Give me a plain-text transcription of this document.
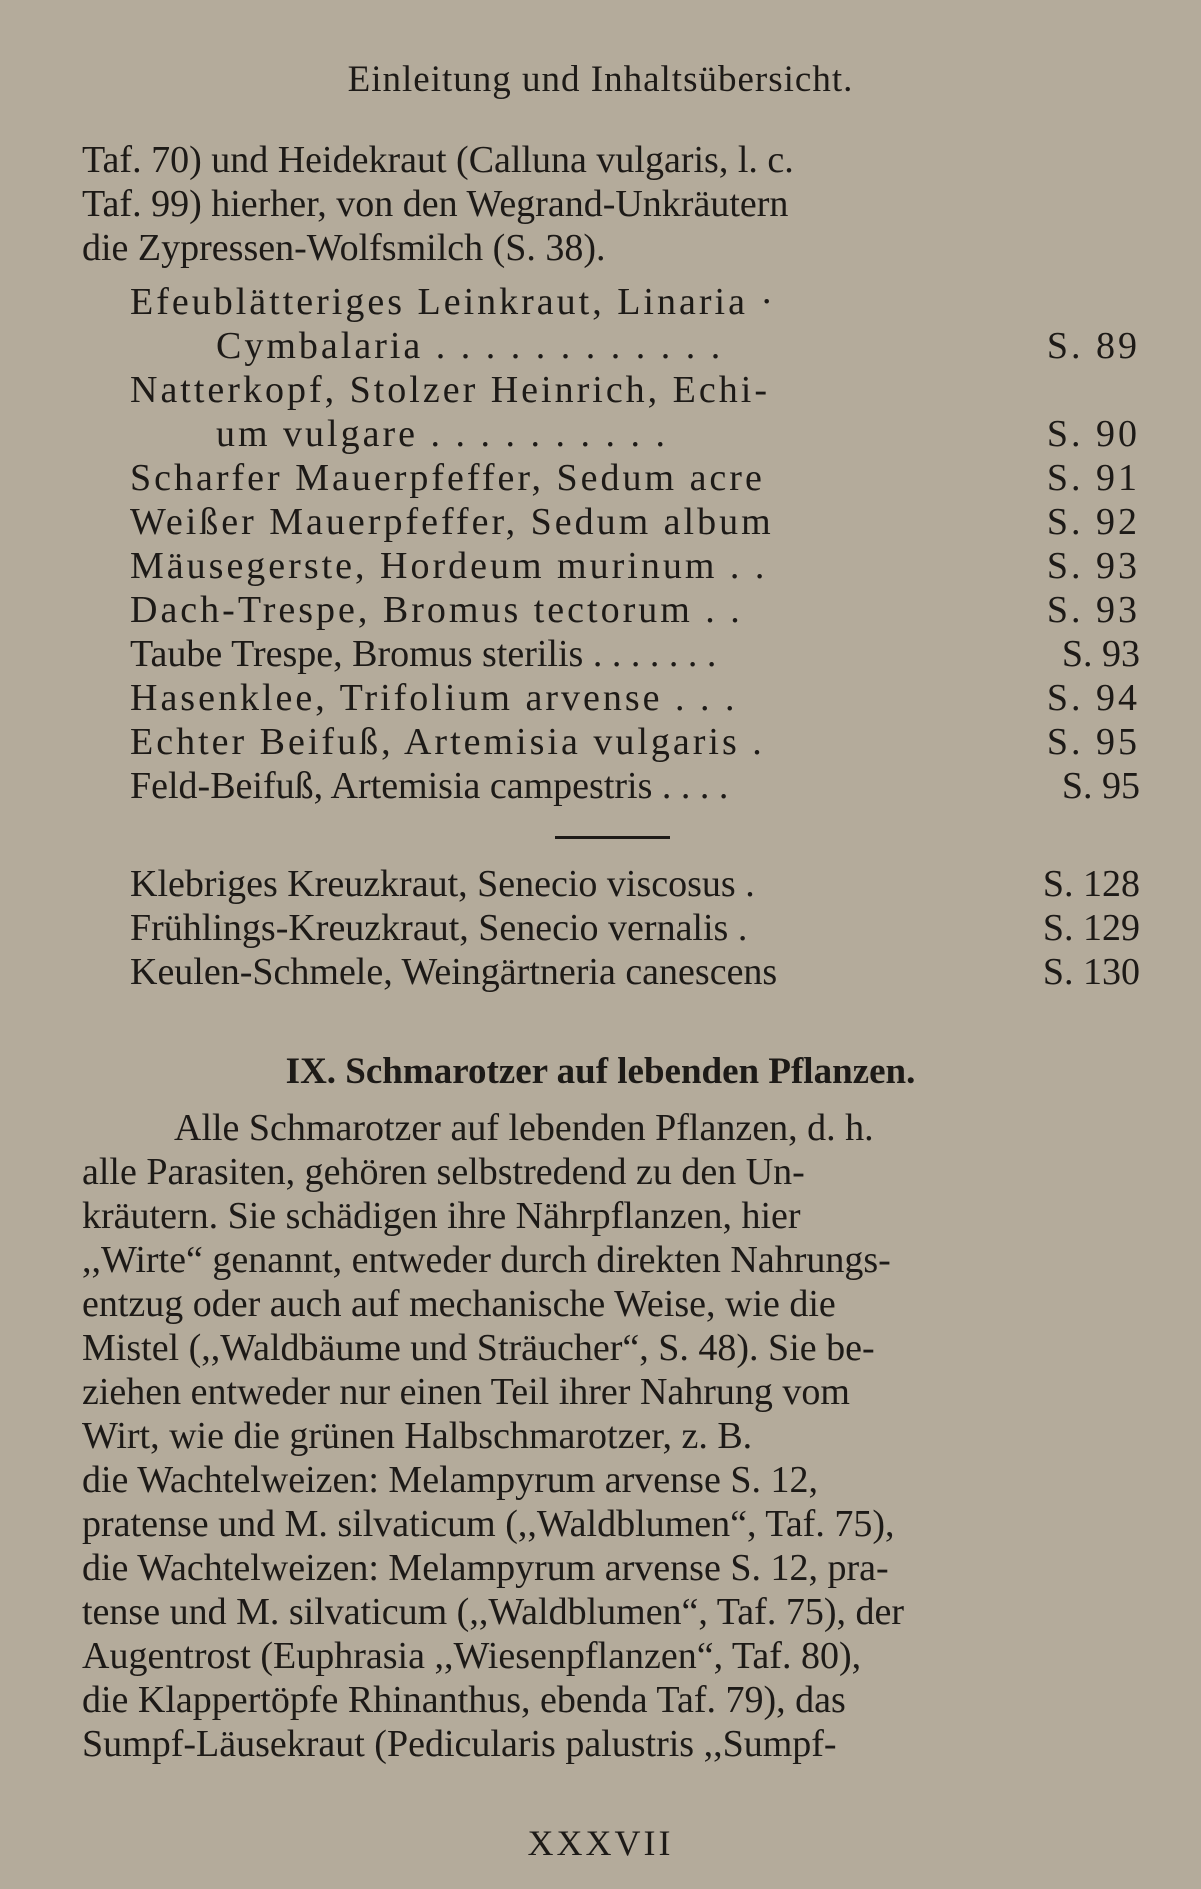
Einleitung und Inhaltsübersicht.
Taf. 70) und Heidekraut (Calluna vulgaris, l. c.
Taf. 99) hierher, von den Wegrand-Unkräutern
die Zypressen-Wolfsmilch (S. 38).
Efeublätteriges Leinkraut, Linaria ·
Cymbalaria . . . . . . . . . . . .	S. 89
Natterkopf, Stolzer Heinrich, Echi-
um vulgare . . . . . . . . . .	S. 90
Scharfer Mauerpfeffer, Sedum acre	S. 91
Weißer Mauerpfeffer, Sedum album	S. 92
Mäusegerste, Hordeum murinum . .	S. 93
Dach-Trespe, Bromus tectorum . .	S. 93
Taube Trespe, Bromus sterilis . . . . . . .	S. 93
Hasenklee, Trifolium arvense . . .	S. 94
Echter Beifuß, Artemisia vulgaris .	S. 95
Feld-Beifuß, Artemisia campestris . . . .	S. 95
Klebriges Kreuzkraut, Senecio viscosus .	S. 128
Frühlings-Kreuzkraut, Senecio vernalis .	S. 129
Keulen-Schmele, Weingärtneria canescens	S. 130
IX. Schmarotzer auf lebenden Pflanzen.
Alle Schmarotzer auf lebenden Pflanzen, d. h.
alle Parasiten, gehören selbstredend zu den Un-
kräutern. Sie schädigen ihre Nährpflanzen, hier
,,Wirte“ genannt, entweder durch direkten Nahrungs-
entzug oder auch auf mechanische Weise, wie die
Mistel (,,Waldbäume und Sträucher“, S. 48). Sie be-
ziehen entweder nur einen Teil ihrer Nahrung vom
Wirt, wie die grünen Halbschmarotzer, z. B.
die Wachtelweizen: Melampyrum arvense S. 12,
pratense und M. silvaticum (,,Waldblumen“, Taf. 75),
die Wachtelweizen: Melampyrum arvense S. 12, pra-
tense und M. silvaticum (,,Waldblumen“, Taf. 75), der
Augentrost (Euphrasia ,,Wiesenpflanzen“, Taf. 80),
die Klappertöpfe Rhinanthus, ebenda Taf. 79), das
Sumpf-Läusekraut (Pedicularis palustris ,,Sumpf-
XXXVII
